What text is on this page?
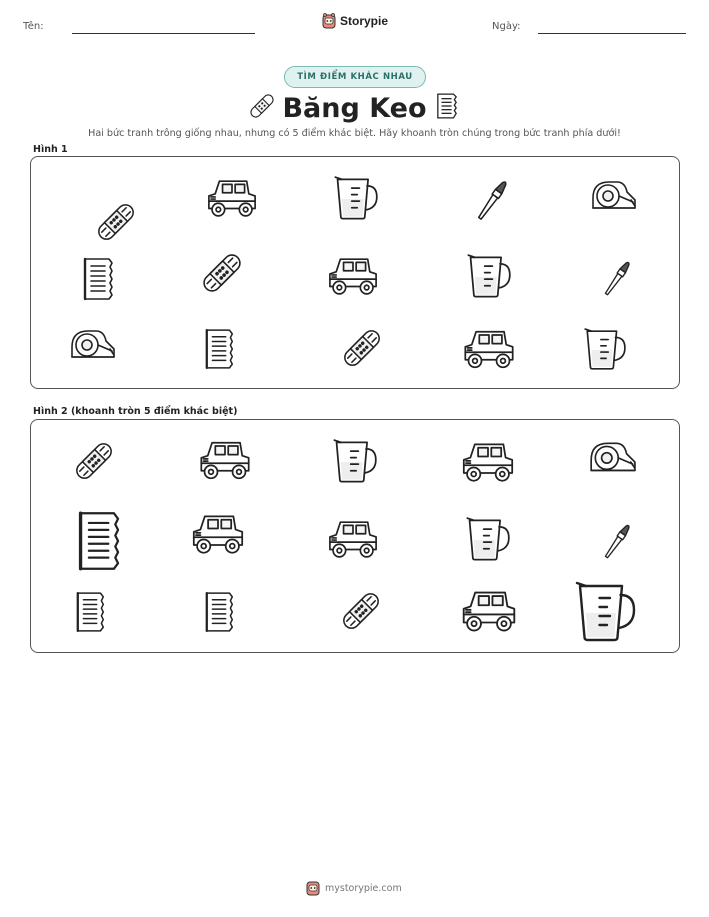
Tên:	Storypie	Ngày:
TÌM ĐIỂM KHÁC NHAU
Băng Keo
Hai bức tranh trông giống nhau, nhưng có 5 điểm khác biệt. Hãy khoanh tròn chúng trong bức tranh phía dưới!
Hình 1
Hình 2 (khoanh tròn 5 điểm khác biệt)
mystorypie.com
